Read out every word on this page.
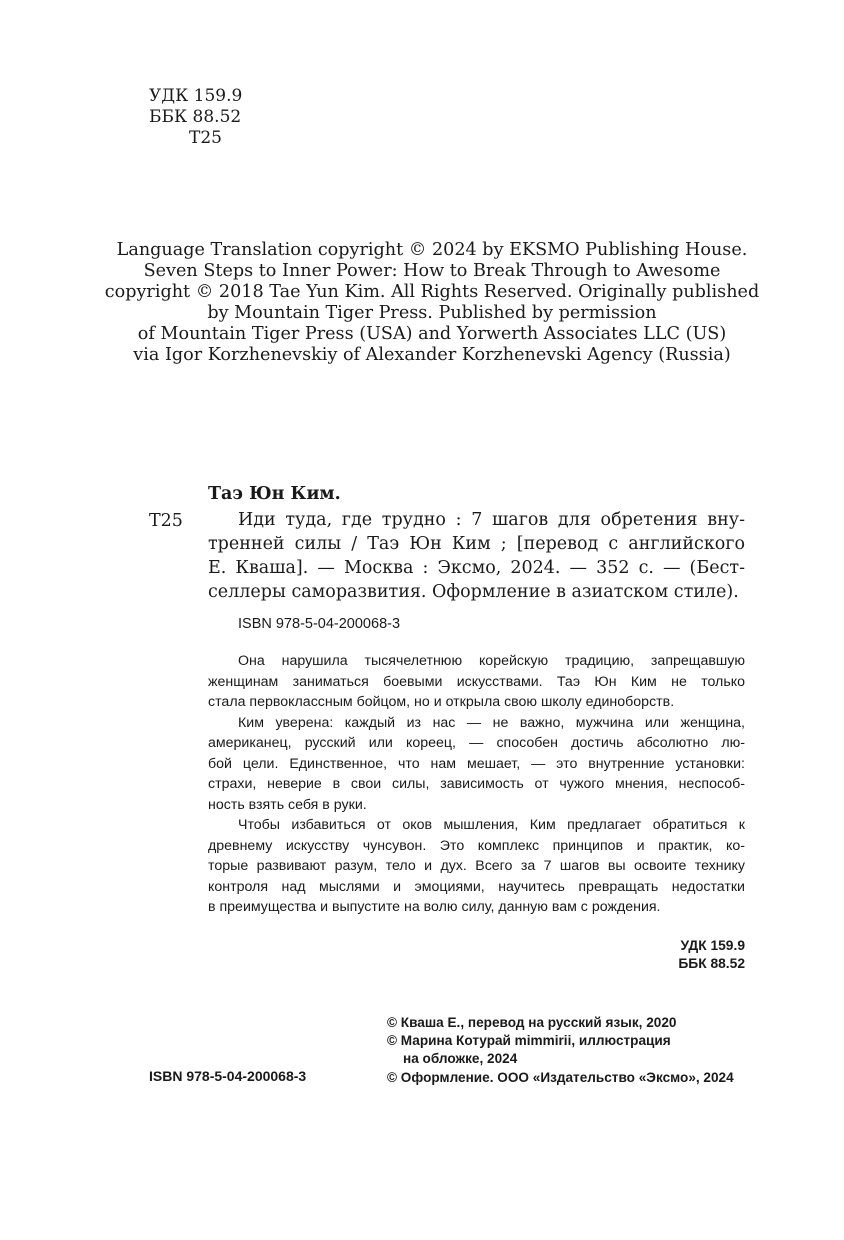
УДК 159.9
ББК 88.52
Т25
Language Translation copyright © 2024 by EKSMO Publishing House.
Seven Steps to Inner Power: How to Break Through to Awesome
copyright © 2018 Tae Yun Kim. All Rights Reserved. Originally published
by Mountain Tiger Press. Published by permission
of Mountain Tiger Press (USA) and Yorwerth Associates LLC (US)
via Igor Korzhenevskiy of Alexander Korzhenevski Agency (Russia)
Таэ Юн Ким.
Т25	Иди туда, где трудно : 7 шагов для обретения вну-
тренней силы / Таэ Юн Ким ; [перевод с английского
Е. Кваша]. — Москва : Эксмо, 2024. — 352 с. — (Бест-
селлеры саморазвития. Оформление в азиатском стиле).
ISBN 978-5-04-200068-3
Она нарушила тысячелетнюю корейскую традицию, запрещавшую
женщинам заниматься боевыми искусствами. Таэ Юн Ким не только
стала первоклассным бойцом, но и открыла свою школу единоборств.
Ким уверена: каждый из нас — не важно, мужчина или женщина,
американец, русский или кореец, — способен достичь абсолютно лю-
бой цели. Единственное, что нам мешает, — это внутренние установки:
страхи, неверие в свои силы, зависимость от чужого мнения, неспособ-
ность взять себя в руки.
Чтобы избавиться от оков мышления, Ким предлагает обратиться к
древнему искусству чунсувон. Это комплекс принципов и практик, ко-
торые развивают разум, тело и дух. Всего за 7 шагов вы освоите технику
контроля над мыслями и эмоциями, научитесь превращать недостатки
в преимущества и выпустите на волю силу, данную вам с рождения.
УДК 159.9
ББК 88.52
© Кваша Е., перевод на русский язык, 2020
© Марина Котурай mimmirii, иллюстрация
на обложке, 2024
© Оформление. ООО «Издательство «Эксмо», 2024
ISBN 978-5-04-200068-3
